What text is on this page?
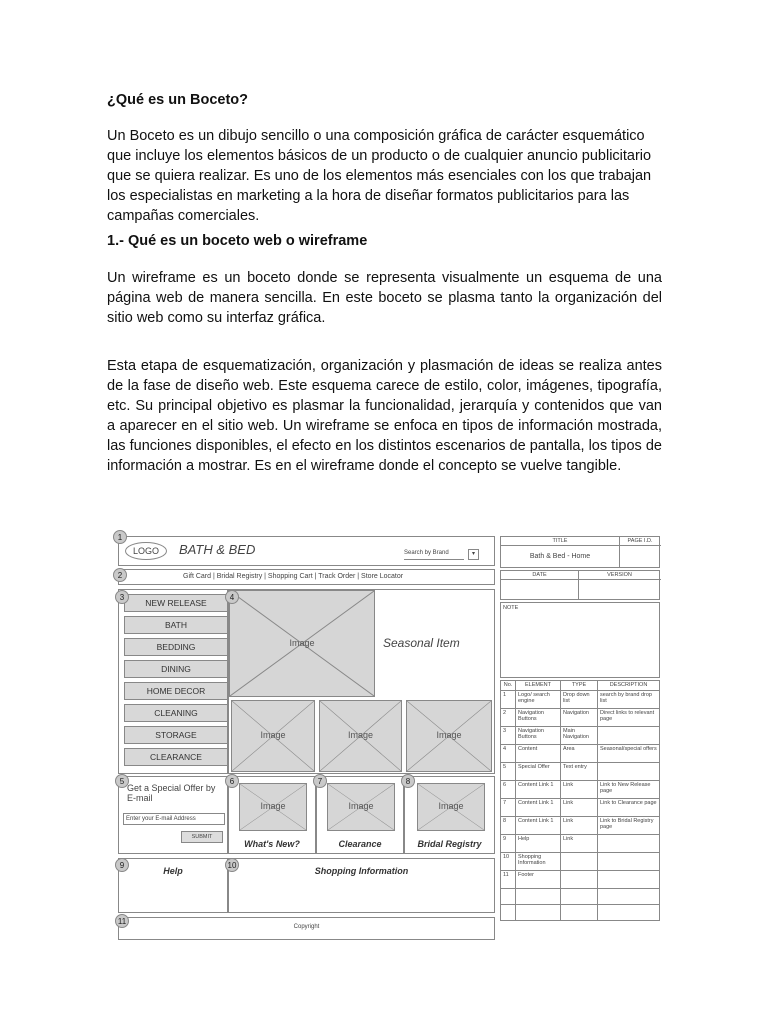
¿Qué es un Boceto?

Un Boceto es un dibujo sencillo o una composición gráfica de carácter esquemático que incluye los elementos básicos de un producto o de cualquier anuncio publicitario que se quiera realizar. Es uno de los elementos más esenciales con los que trabajan los especialistas en marketing a la hora de diseñar formatos publicitarios para las campañas comerciales.

1.- Qué es un boceto web o wireframe

Un wireframe es un boceto donde se representa visualmente un esquema de una página web de manera sencilla. En este boceto se plasma tanto la organización del sitio web como su interfaz gráfica.

Esta etapa de esquematización, organización y plasmación de ideas se realiza antes de la fase de diseño web. Este esquema carece de estilo, color, imágenes, tipografía, etc. Su principal objetivo es plasmar la funcionalidad, jerarquía y contenidos que van a aparecer en el sitio web. Un wireframe se enfoca en tipos de información mostrada, las funciones disponibles, el efecto en los distintos escenarios de pantalla, los tipos de información a mostrar. Es en el wireframe donde el concepto se vuelve tangible.

LOGO	BATH & BED	Search by Brand	▾
Gift Card | Bridal Registry | Shopping Cart | Track Order | Store Locator
NEW RELEASE
BATH
BEDDING
DINING
HOME DECOR
CLEANING
STORAGE
CLEARANCE
Image	Seasonal Item
Image	Image	Image
Get a Special Offer by E-mail
Enter your E-mail Address
SUBMIT
Image
What's New?
Image
Clearance
Image
Bridal Registry
Help	Shopping Information
Copyright
1
2
3	4
5	6	7	8
9	10
11
TITLE	PAGE I.D.
Bath & Bed - Home
DATE	VERSION
NOTE
No.	ELEMENT	TYPE	DESCRIPTION
1	Logo/ search engine	Drop down list	search by brand drop list
2	Navigation Buttons	Navigation	Direct links to relevant page
3	Navigation Buttons	Main Navigation	
4	Content	Area	Seasonal/special offers
5	Special Offer	Text entry	
6	Content Link 1	Link	Link to New Release page
7	Content Link 1	Link	Link to Clearance page
8	Content Link 1	Link	Link to Bridal Registry page
9	Help	Link	
10	Shopping Information		
11	Footer		
